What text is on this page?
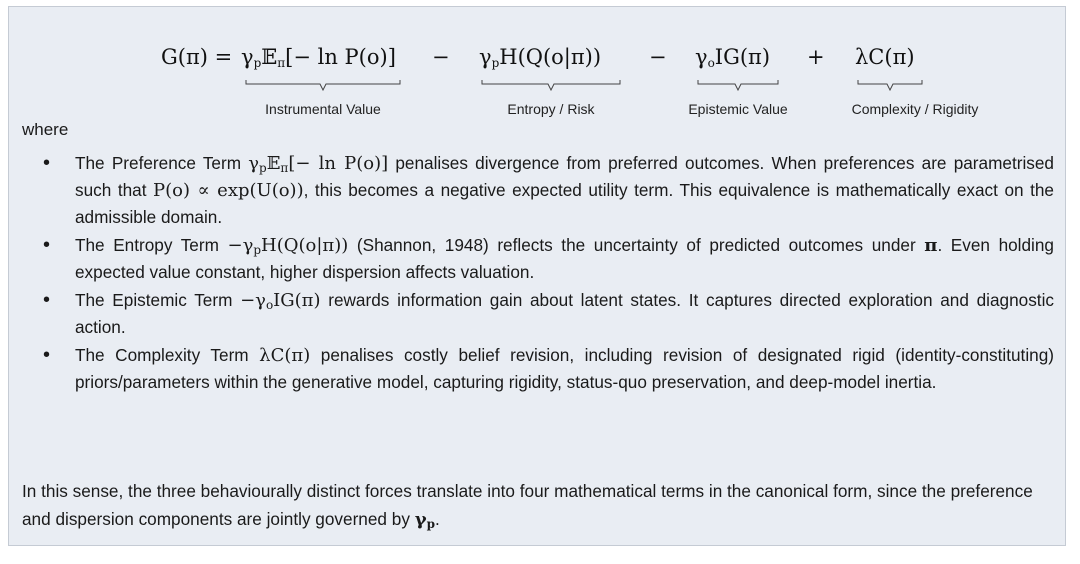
$G(\pi) = \gamma_p𝔼_\pi[- \ln P(o)] - \gamma_pH(Q(o|\pi)) - \gamma_oIG(\pi) + \lambda C(\pi)$
Instrumental Value	Entropy / Risk	Epistemic Value	Complexity / Rigidity
where
• The Preference Term $\gamma_p𝔼_\pi[- \ln P(o)]$ penalises divergence from preferred outcomes. When preferences are parametrised such that P(o) ∝ exp(U(o)), this becomes a negative expected utility term. This equivalence is mathematically exact on the admissible domain.
• The Entropy Term $-\gamma_pH(Q(o|\pi))$ (Shannon, 1948) reflects the uncertainty of predicted outcomes under π. Even holding expected value constant, higher dispersion affects valuation.
• The Epistemic Term $-\gamma_oIG(\pi)$ rewards information gain about latent states. It captures directed exploration and diagnostic action.
• The Complexity Term λC(π) penalises costly belief revision, including revision of designated rigid (identity-constituting) priors/parameters within the generative model, capturing rigidity, status-quo preservation, and deep-model inertia.
In this sense, the three behaviourally distinct forces translate into four mathematical terms in the canonical form, since the preference and dispersion components are jointly governed by $\gamma_p$.
